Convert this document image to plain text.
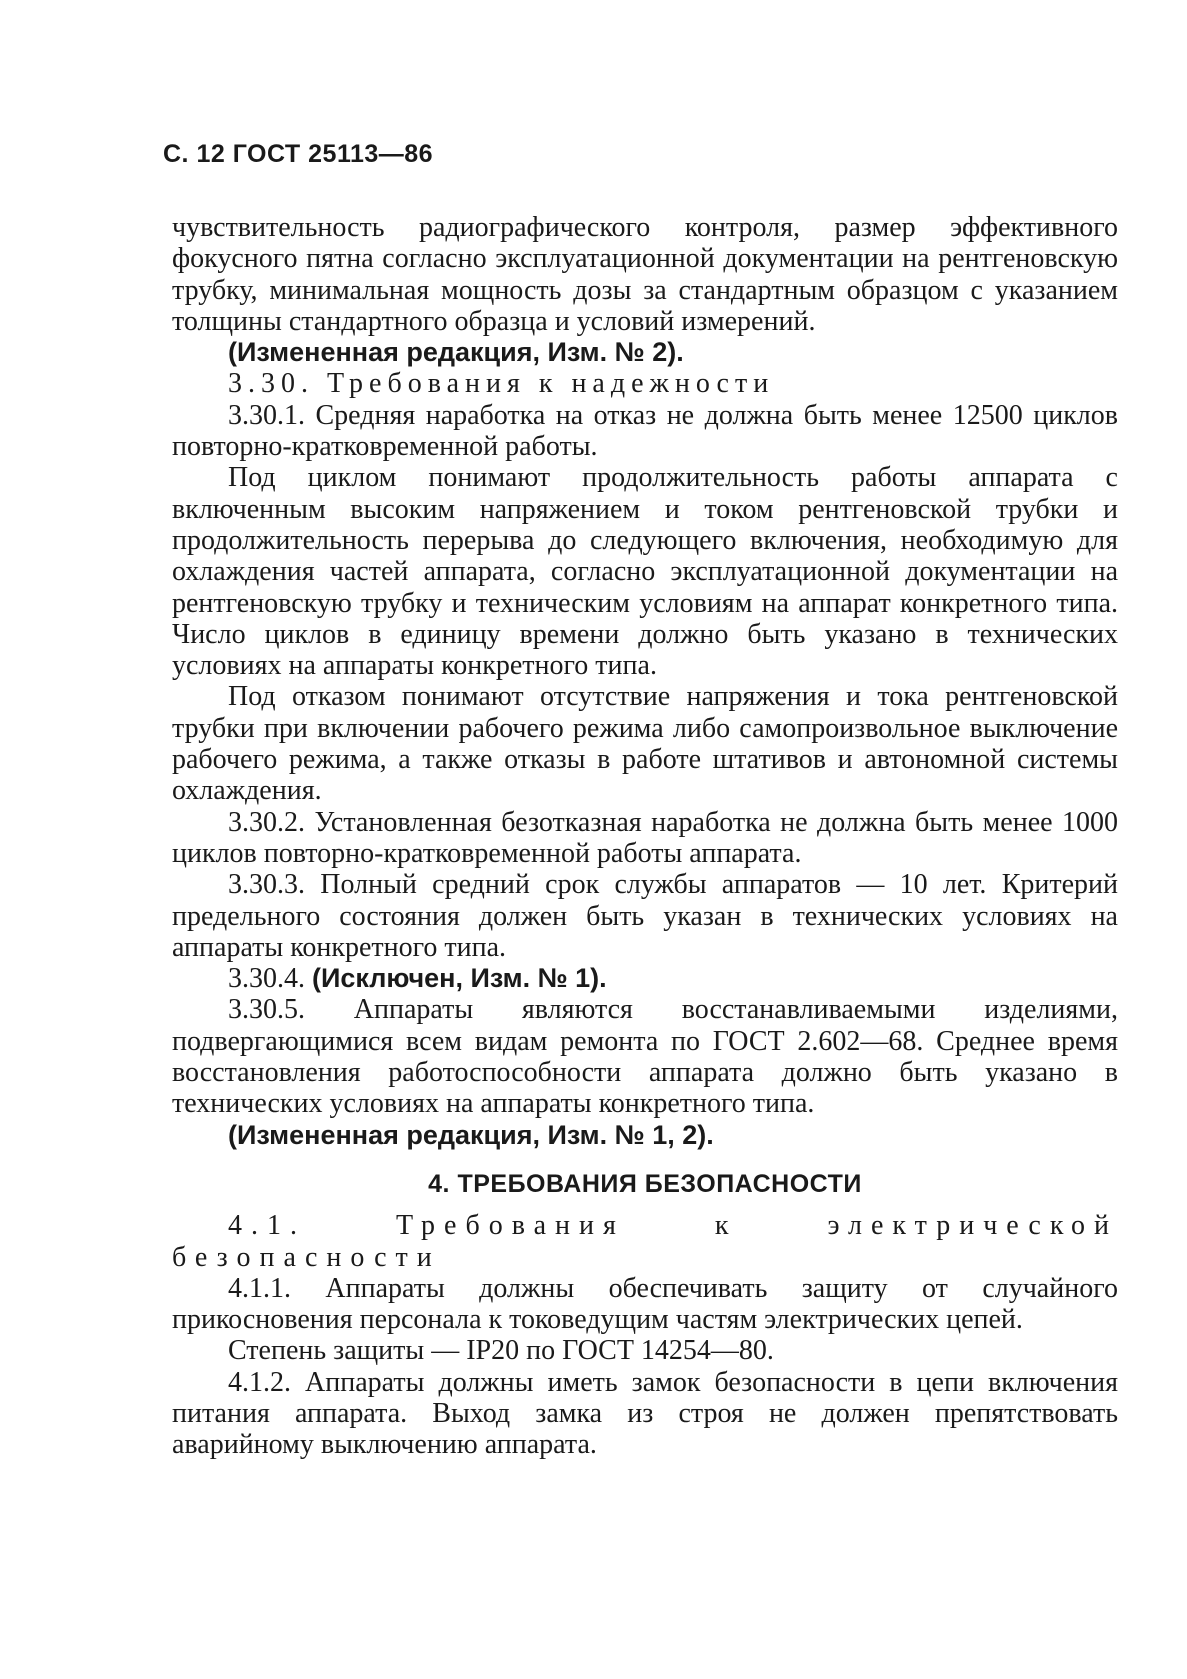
С. 12 ГОСТ 25113—86

чувствительность радиографического контроля, размер эффективного фокусного пятна согласно эксплуатационной документации на рентгеновскую трубку, минимальная мощность дозы за стандартным образцом с указанием толщины стандартного образца и условий измерений.

(Измененная редакция, Изм. № 2).

3.30. Требования к надежности

3.30.1. Средняя наработка на отказ не должна быть менее 12500 циклов повторно-кратковременной работы.

Под циклом понимают продолжительность работы аппарата с включенным высоким напряжением и током рентгеновской трубки и продолжительность перерыва до следующего включения, необходимую для охлаждения частей аппарата, согласно эксплуатационной документации на рентгеновскую трубку и техническим условиям на аппарат конкретного типа. Число циклов в единицу времени должно быть указано в технических условиях на аппараты конкретного типа.

Под отказом понимают отсутствие напряжения и тока рентгеновской трубки при включении рабочего режима либо самопроизвольное выключение рабочего режима, а также отказы в работе штативов и автономной системы охлаждения.

3.30.2. Установленная безотказная наработка не должна быть менее 1000 циклов повторно-кратковременной работы аппарата.

3.30.3. Полный средний срок службы аппаратов — 10 лет. Критерий предельного состояния должен быть указан в технических условиях на аппараты конкретного типа.

3.30.4. (Исключен, Изм. № 1).

3.30.5. Аппараты являются восстанавливаемыми изделиями, подвергающимися всем видам ремонта по ГОСТ 2.602—68. Среднее время восстановления работоспособности аппарата должно быть указано в технических условиях на аппараты конкретного типа.

(Измененная редакция, Изм. № 1, 2).

4. ТРЕБОВАНИЯ БЕЗОПАСНОСТИ

4.1. Требования к электрической безопасности

4.1.1. Аппараты должны обеспечивать защиту от случайного прикосновения персонала к токоведущим частям электрических цепей.

Степень защиты — IP20 по ГОСТ 14254—80.

4.1.2. Аппараты должны иметь замок безопасности в цепи включения питания аппарата. Выход замка из строя не должен препятствовать аварийному выключению аппарата.
